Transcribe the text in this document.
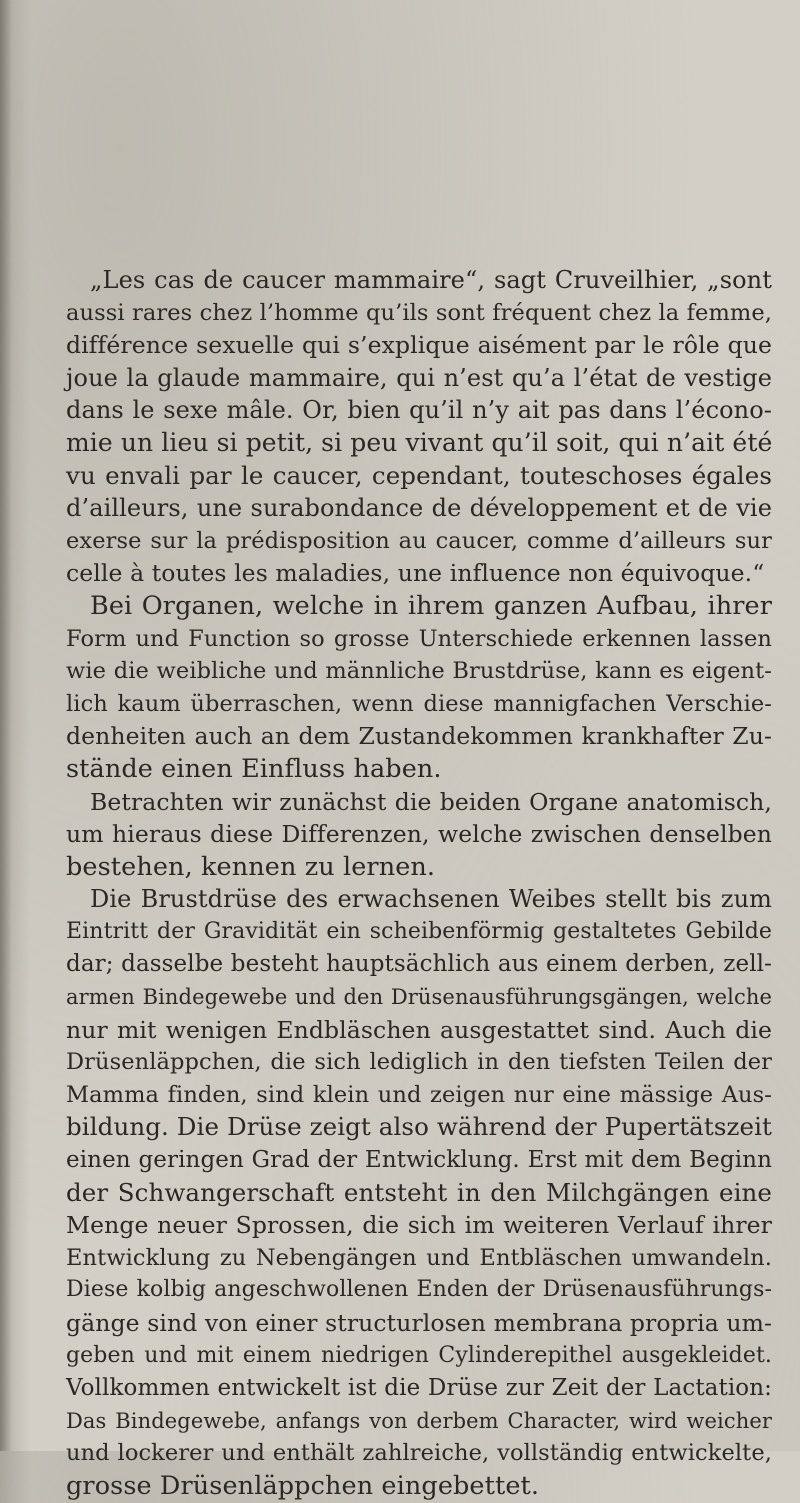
„Les cas de caucer mammaire“, sagt Cruveilhier, „sont
aussi rares chez l’homme qu’ils sont fréquent chez la femme,
différence sexuelle qui s’explique aisément par le rôle que
joue la glaude mammaire, qui n’est qu’a l’état de vestige
dans le sexe mâle. Or, bien qu’il n’y ait pas dans l’écono-
mie un lieu si petit, si peu vivant qu’il soit, qui n’ait été
vu envali par le caucer, cependant, touteschoses égales
d’ailleurs, une surabondance de développement et de vie
exerse sur la prédisposition au caucer, comme d’ailleurs sur
celle à toutes les maladies, une influence non équivoque.“
Bei Organen, welche in ihrem ganzen Aufbau, ihrer
Form und Function so grosse Unterschiede erkennen lassen
wie die weibliche und männliche Brustdrüse, kann es eigent-
lich kaum überraschen, wenn diese mannigfachen Verschie-
denheiten auch an dem Zustandekommen krankhafter Zu-
stände einen Einfluss haben.
Betrachten wir zunächst die beiden Organe anatomisch,
um hieraus diese Differenzen, welche zwischen denselben
bestehen, kennen zu lernen.
Die Brustdrüse des erwachsenen Weibes stellt bis zum
Eintritt der Gravidität ein scheibenförmig gestaltetes Gebilde
dar; dasselbe besteht hauptsächlich aus einem derben, zell-
armen Bindegewebe und den Drüsenausführungsgängen, welche
nur mit wenigen Endbläschen ausgestattet sind. Auch die
Drüsenläppchen, die sich lediglich in den tiefsten Teilen der
Mamma finden, sind klein und zeigen nur eine mässige Aus-
bildung. Die Drüse zeigt also während der Pupertätszeit
einen geringen Grad der Entwicklung. Erst mit dem Beginn
der Schwangerschaft entsteht in den Milchgängen eine
Menge neuer Sprossen, die sich im weiteren Verlauf ihrer
Entwicklung zu Nebengängen und Entbläschen umwandeln.
Diese kolbig angeschwollenen Enden der Drüsenausführungs-
gänge sind von einer structurlosen membrana propria um-
geben und mit einem niedrigen Cylinderepithel ausgekleidet.
Vollkommen entwickelt ist die Drüse zur Zeit der Lactation:
Das Bindegewebe, anfangs von derbem Character, wird weicher
und lockerer und enthält zahlreiche, vollständig entwickelte,
grosse Drüsenläppchen eingebettet.
